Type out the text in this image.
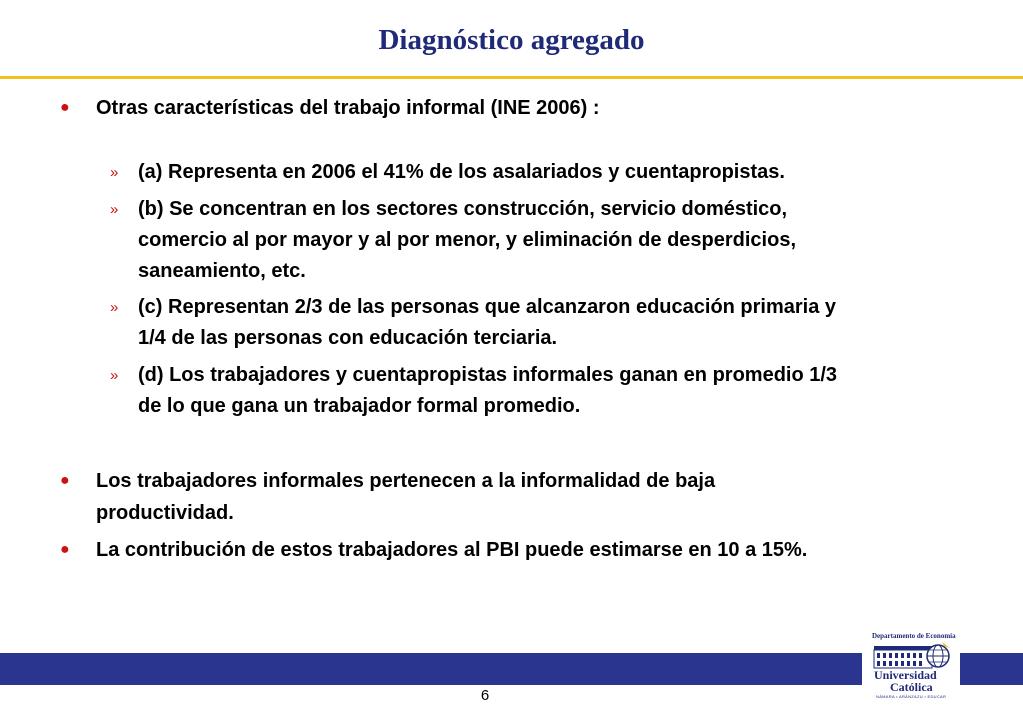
Diagnóstico agregado
● Otras características del trabajo informal (INE 2006) :
» (a) Representa en 2006 el 41% de los asalariados y cuentapropistas.
» (b) Se concentran en los sectores construcción, servicio doméstico,
comercio al por mayor y al por menor, y eliminación de desperdicios,
saneamiento, etc.
» (c) Representan 2/3 de las personas que alcanzaron educación primaria y
1/4 de las personas con educación terciaria.
» (d) Los trabajadores y cuentapropistas informales ganan en promedio 1/3
de lo que gana un trabajador formal promedio.
● Los trabajadores informales pertenecen a la informalidad de baja
productividad.
● La contribución de estos trabajadores al PBI puede estimarse en 10 a 15%.
6
Departamento de Economía
Universidad
Católica
NÁMARA • ARÁNZAZU • EDUCAR
